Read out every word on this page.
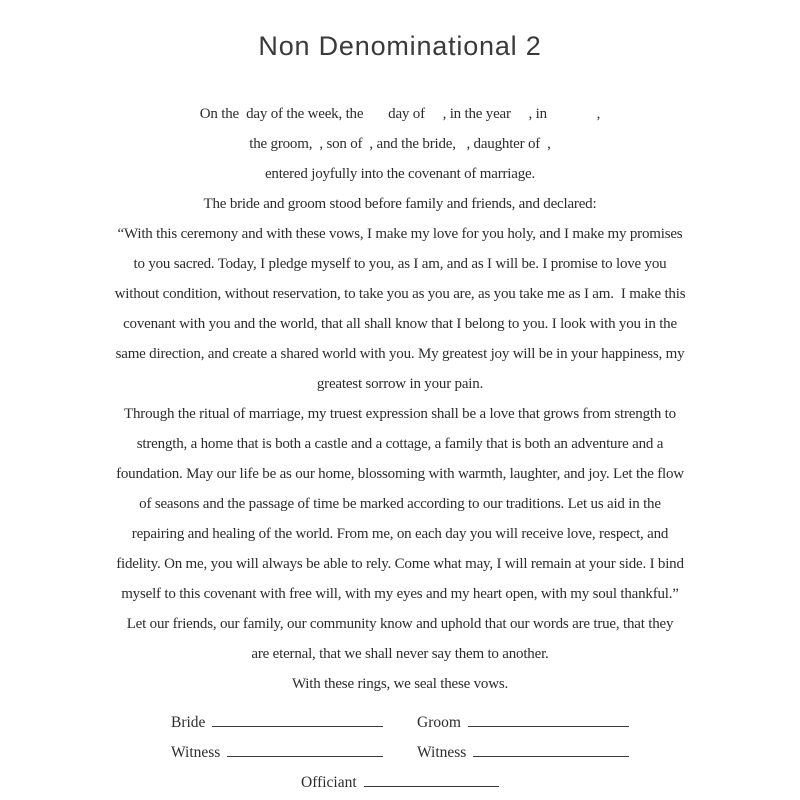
Non Denominational 2
On the  day of the week, the       day of     , in the year     , in              ,
the groom,  , son of  , and the bride,   , daughter of  ,
entered joyfully into the covenant of marriage.
The bride and groom stood before family and friends, and declared:
“With this ceremony and with these vows, I make my love for you holy, and I make my promises
to you sacred. Today, I pledge myself to you, as I am, and as I will be. I promise to love you
without condition, without reservation, to take you as you are, as you take me as I am.  I make this
covenant with you and the world, that all shall know that I belong to you. I look with you in the
same direction, and create a shared world with you. My greatest joy will be in your happiness, my
greatest sorrow in your pain.
Through the ritual of marriage, my truest expression shall be a love that grows from strength to
strength, a home that is both a castle and a cottage, a family that is both an adventure and a
foundation. May our life be as our home, blossoming with warmth, laughter, and joy. Let the flow
of seasons and the passage of time be marked according to our traditions. Let us aid in the
repairing and healing of the world. From me, on each day you will receive love, respect, and
fidelity. On me, you will always be able to rely. Come what may, I will remain at your side. I bind
myself to this covenant with free will, with my eyes and my heart open, with my soul thankful.”
Let our friends, our family, our community know and uphold that our words are true, that they
are eternal, that we shall never say them to another.
With these rings, we seal these vows.
Bride	Groom
Witness	Witness
Officiant
